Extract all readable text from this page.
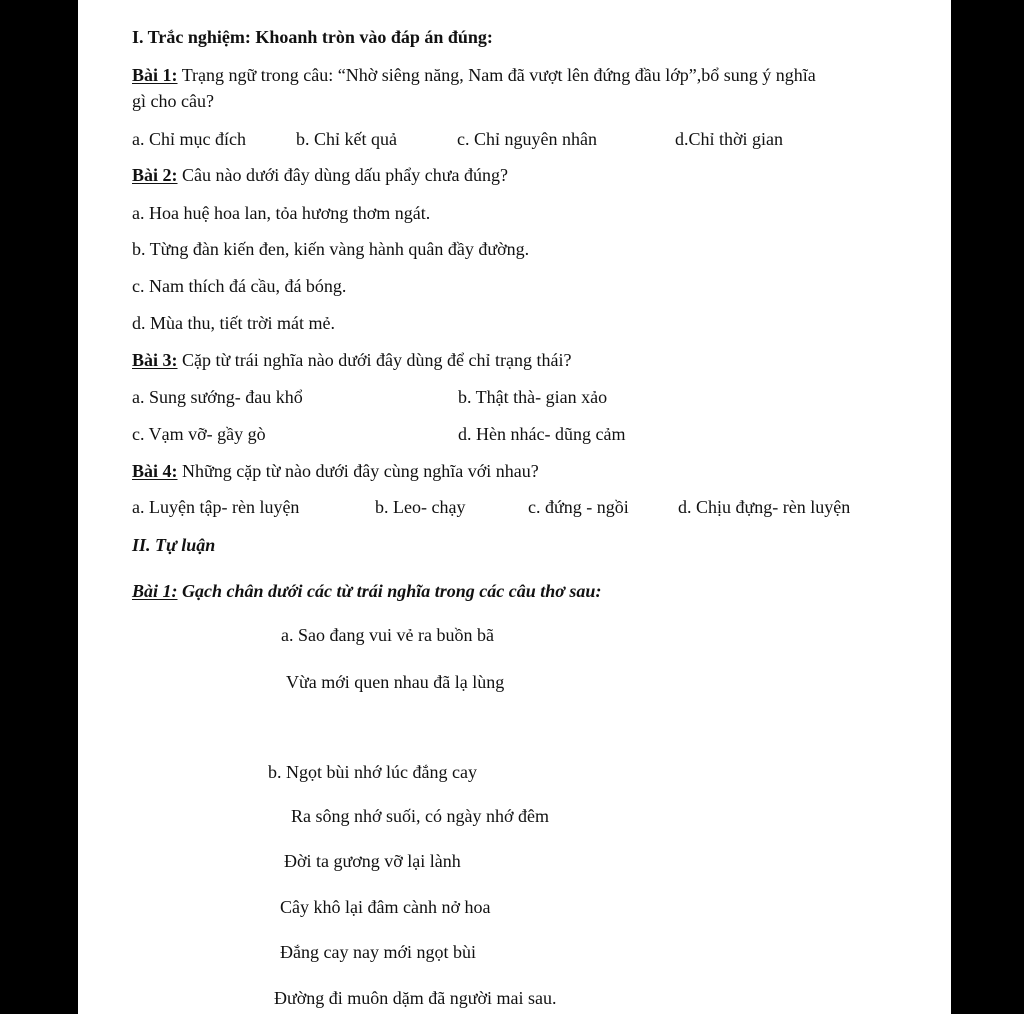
I. Trắc nghiệm: Khoanh tròn vào đáp án đúng:
Bài 1: Trạng ngữ trong câu: “Nhờ siêng năng, Nam đã vượt lên đứng đầu lớp”,bổ sung ý nghĩa
gì cho câu?
a. Chỉ mục đích	b. Chỉ kết quả	c. Chỉ nguyên nhân	d.Chỉ thời gian
Bài 2: Câu nào dưới đây dùng dấu phẩy chưa đúng?
a. Hoa huệ hoa lan, tỏa hương thơm ngát.
b. Từng đàn kiến đen, kiến vàng hành quân đầy đường.
c. Nam thích đá cầu, đá bóng.
d. Mùa thu, tiết trời mát mẻ.
Bài 3: Cặp từ trái nghĩa nào dưới đây dùng để chỉ trạng thái?
a. Sung sướng- đau khổ	b. Thật thà- gian xảo
c. Vạm vỡ- gầy gò	d. Hèn nhác- dũng cảm
Bài 4: Những cặp từ nào dưới đây cùng nghĩa với nhau?
a. Luyện tập- rèn luyện	b. Leo- chạy	c. đứng - ngồi	d. Chịu đựng- rèn luyện
II. Tự luận
Bài 1: Gạch chân dưới các từ trái nghĩa trong các câu thơ sau:
a. Sao đang vui vẻ ra buồn bã
Vừa mới quen nhau đã lạ lùng
b. Ngọt bùi nhớ lúc đắng cay
Ra sông nhớ suối, có ngày nhớ đêm
Đời ta gương vỡ lại lành
Cây khô lại đâm cành nở hoa
Đắng cay nay mới ngọt bùi
Đường đi muôn dặm đã người mai sau.
